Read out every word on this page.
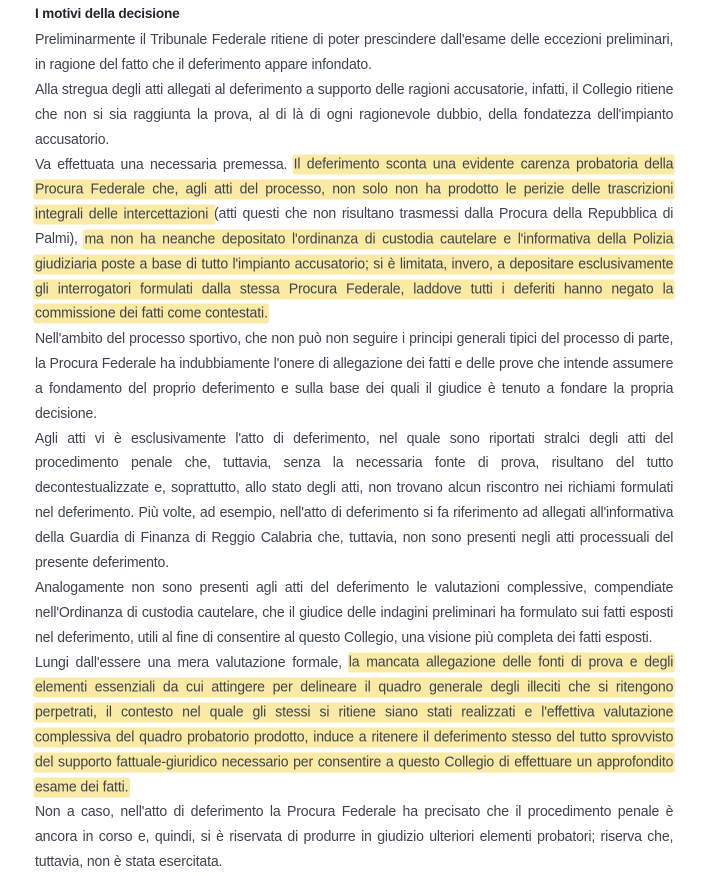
I motivi della decisione

Preliminarmente il Tribunale Federale ritiene di poter prescindere dall'esame delle eccezioni preliminari, in ragione del fatto che il deferimento appare infondato.

Alla stregua degli atti allegati al deferimento a supporto delle ragioni accusatorie, infatti, il Collegio ritiene che non si sia raggiunta la prova, al di là di ogni ragionevole dubbio, della fondatezza dell'impianto accusatorio.

Va effettuata una necessaria premessa. Il deferimento sconta una evidente carenza probatoria della Procura Federale che, agli atti del processo, non solo non ha prodotto le perizie delle trascrizioni integrali delle intercettazioni (atti questi che non risultano trasmessi dalla Procura della Repubblica di Palmi), ma non ha neanche depositato l'ordinanza di custodia cautelare e l'informativa della Polizia giudiziaria poste a base di tutto l'impianto accusatorio; si è limitata, invero, a depositare esclusivamente gli interrogatori formulati dalla stessa Procura Federale, laddove tutti i deferiti hanno negato la commissione dei fatti come contestati.

Nell'ambito del processo sportivo, che non può non seguire i principi generali tipici del processo di parte, la Procura Federale ha indubbiamente l'onere di allegazione dei fatti e delle prove che intende assumere a fondamento del proprio deferimento e sulla base dei quali il giudice è tenuto a fondare la propria decisione.

Agli atti vi è esclusivamente l'atto di deferimento, nel quale sono riportati stralci degli atti del procedimento penale che, tuttavia, senza la necessaria fonte di prova, risultano del tutto decontestualizzate e, soprattutto, allo stato degli atti, non trovano alcun riscontro nei richiami formulati nel deferimento. Più volte, ad esempio, nell'atto di deferimento si fa riferimento ad allegati all'informativa della Guardia di Finanza di Reggio Calabria che, tuttavia, non sono presenti negli atti processuali del presente deferimento.

Analogamente non sono presenti agli atti del deferimento le valutazioni complessive, compendiate nell'Ordinanza di custodia cautelare, che il giudice delle indagini preliminari ha formulato sui fatti esposti nel deferimento, utili al fine di consentire al questo Collegio, una visione più completa dei fatti esposti.

Lungi dall'essere una mera valutazione formale, la mancata allegazione delle fonti di prova e degli elementi essenziali da cui attingere per delineare il quadro generale degli illeciti che si ritengono perpetrati, il contesto nel quale gli stessi si ritiene siano stati realizzati e l'effettiva valutazione complessiva del quadro probatorio prodotto, induce a ritenere il deferimento stesso del tutto sprovvisto del supporto fattuale-giuridico necessario per consentire a questo Collegio di effettuare un approfondito esame dei fatti.

Non a caso, nell'atto di deferimento la Procura Federale ha precisato che il procedimento penale è ancora in corso e, quindi, si è riservata di produrre in giudizio ulteriori elementi probatori; riserva che, tuttavia, non è stata esercitata.
